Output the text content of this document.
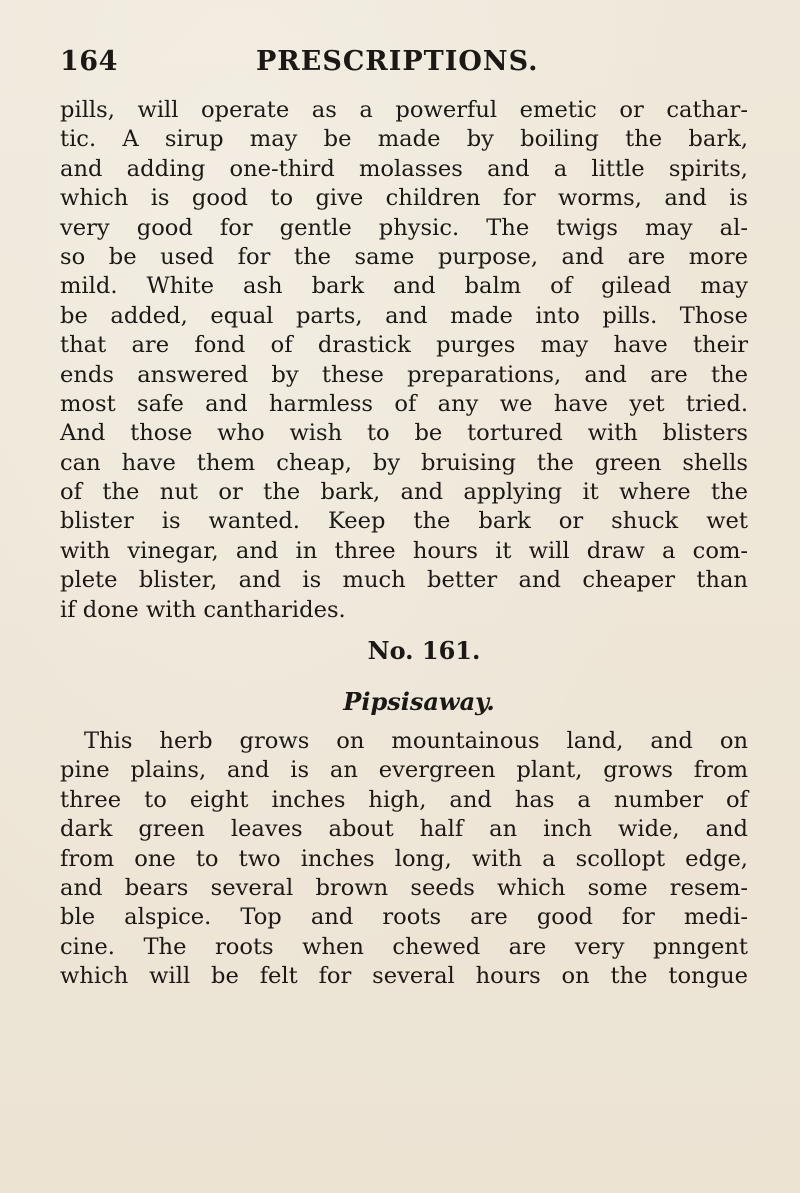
164	PRESCRIPTIONS.
pills, will operate as a powerful emetic or cathar-
tic. A sirup may be made by boiling the bark,
and adding one-third molasses and a little spirits,
which is good to give children for worms, and is
very good for gentle physic. The twigs may al-
so be used for the same purpose, and are more
mild. White ash bark and balm of gilead may
be added, equal parts, and made into pills. Those
that are fond of drastick purges may have their
ends answered by these preparations, and are the
most safe and harmless of any we have yet tried.
And those who wish to be tortured with blisters
can have them cheap, by bruising the green shells
of the nut or the bark, and applying it where the
blister is wanted. Keep the bark or shuck wet
with vinegar, and in three hours it will draw a com-
plete blister, and is much better and cheaper than
if done with cantharides.
No. 161.
Pipsisaway.
This herb grows on mountainous land, and on
pine plains, and is an evergreen plant, grows from
three to eight inches high, and has a number of
dark green leaves about half an inch wide, and
from one to two inches long, with a scollopt edge,
and bears several brown seeds which some resem-
ble alspice. Top and roots are good for medi-
cine. The roots when chewed are very pnngent
which will be felt for several hours on the tongue
